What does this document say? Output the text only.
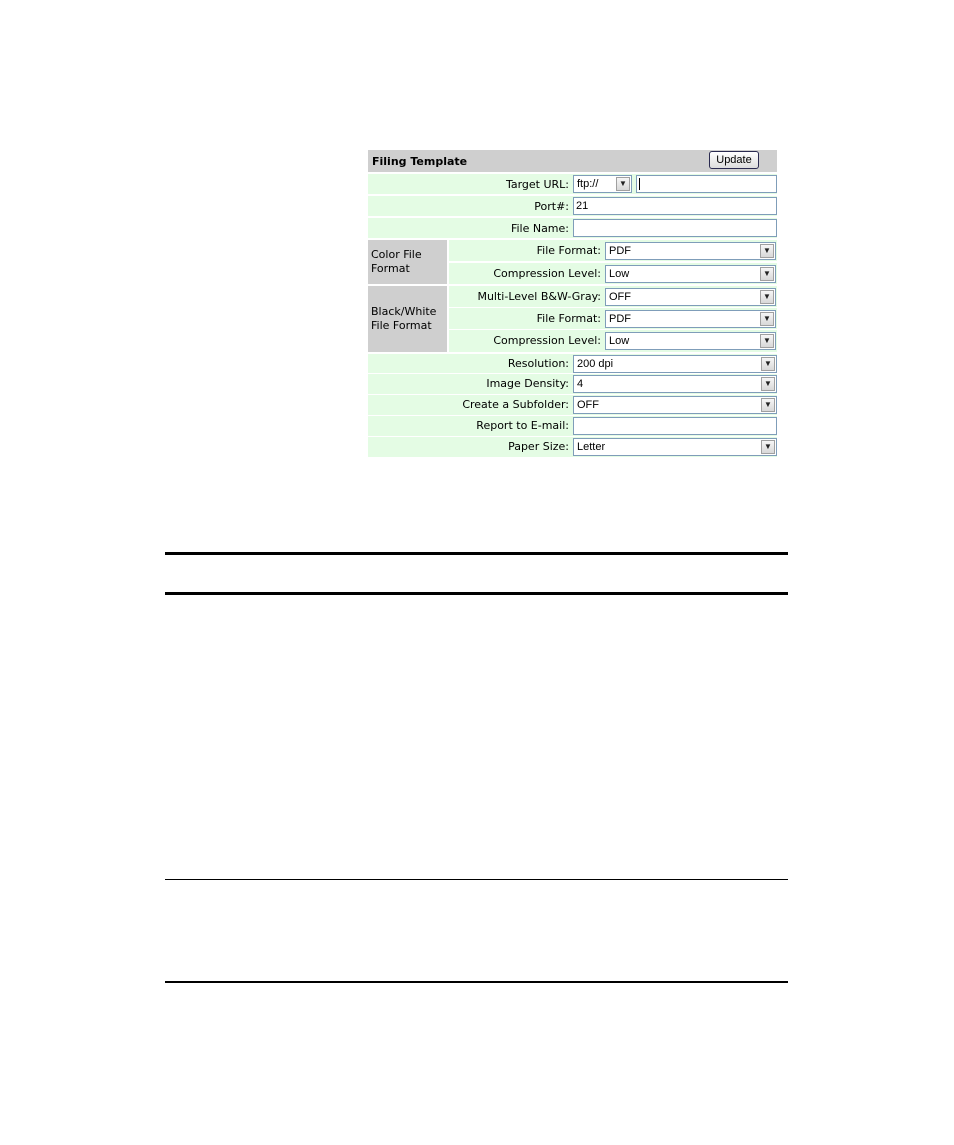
Filing Template	Update
Target URL: ftp://	▼
Port#: 21
File Name:
Color File Format
File Format: PDF	▼
Compression Level: Low	▼
Black/White File Format
Multi-Level B&W-Gray: OFF	▼
File Format: PDF	▼
Compression Level: Low	▼
Resolution: 200 dpi	▼
Image Density: 4	▼
Create a Subfolder: OFF	▼
Report to E-mail:
Paper Size: Letter	▼
